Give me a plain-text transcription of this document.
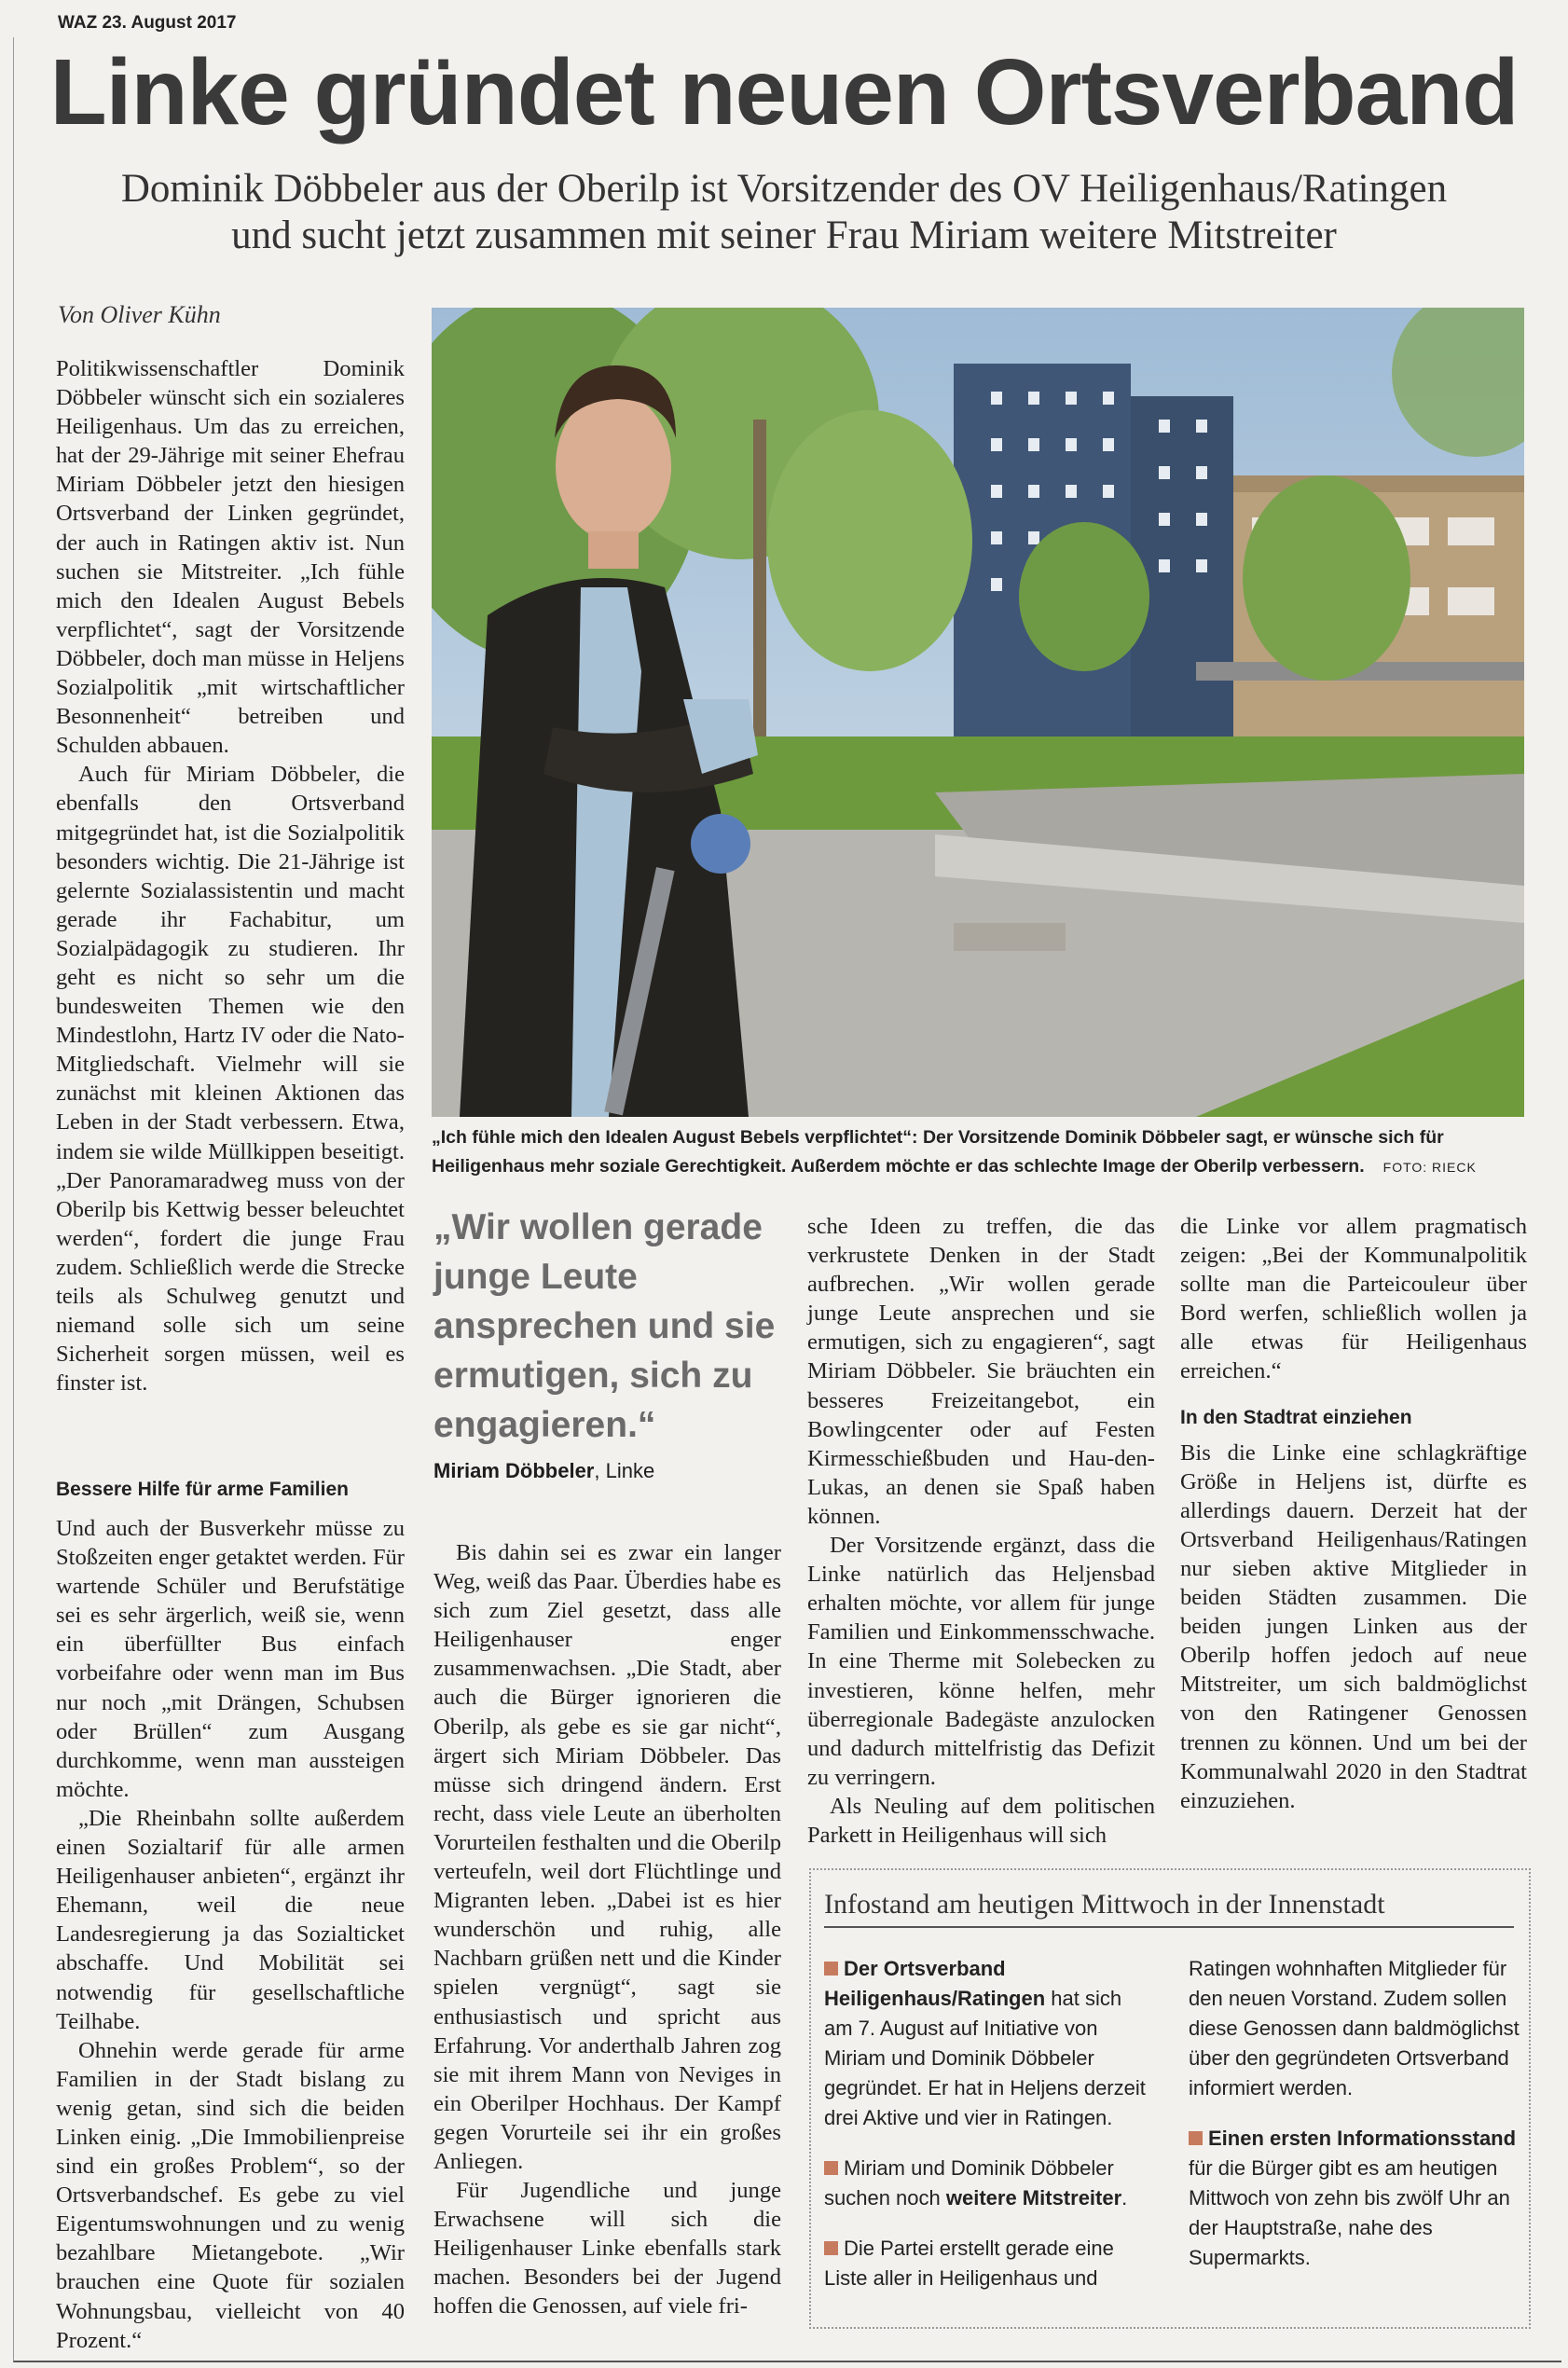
WAZ 23. August 2017
Linke gründet neuen Ortsverband
Dominik Döbbeler aus der Oberilp ist Vorsitzender des OV Heiligenhaus/Ratingen
und sucht jetzt zusammen mit seiner Frau Miriam weitere Mitstreiter
Von Oliver Kühn

Politikwissenschaftler Dominik Döbbeler wünscht sich ein sozialeres Heiligenhaus. Um das zu erreichen, hat der 29-Jährige mit seiner Ehefrau Miriam Döbbeler jetzt den hiesigen Ortsverband der Linken gegründet, der auch in Ratingen aktiv ist. Nun suchen sie Mitstreiter. „Ich fühle mich den Idealen August Bebels verpflichtet“, sagt der Vorsitzende Döbbeler, doch man müsse in Heljens Sozialpolitik „mit wirtschaftlicher Besonnenheit“ betreiben und Schulden abbauen.

Auch für Miriam Döbbeler, die ebenfalls den Ortsverband mitgegründet hat, ist die Sozialpolitik besonders wichtig. Die 21-Jährige ist gelernte Sozialassistentin und macht gerade ihr Fachabitur, um Sozialpädagogik zu studieren. Ihr geht es nicht so sehr um die bundesweiten Themen wie den Mindestlohn, Hartz IV oder die Nato-Mitgliedschaft. Vielmehr will sie zunächst mit kleinen Aktionen das Leben in der Stadt verbessern. Etwa, indem sie wilde Müllkippen beseitigt. „Der Panoramaradweg muss von der Oberilp bis Kettwig besser beleuchtet werden“, fordert die junge Frau zudem. Schließlich werde die Strecke teils als Schulweg genutzt und niemand solle sich um seine Sicherheit sorgen müssen, weil es finster ist.

Bessere Hilfe für arme Familien

Und auch der Busverkehr müsse zu Stoßzeiten enger getaktet werden. Für wartende Schüler und Berufstätige sei es sehr ärgerlich, weiß sie, wenn ein überfüllter Bus einfach vorbeifahre oder wenn man im Bus nur noch „mit Drängen, Schubsen oder Brüllen“ zum Ausgang durchkomme, wenn man aussteigen möchte.

„Die Rheinbahn sollte außerdem einen Sozialtarif für alle armen Heiligenhauser anbieten“, ergänzt ihr Ehemann, weil die neue Landesregierung ja das Sozialticket abschaffe. Und Mobilität sei notwendig für gesellschaftliche Teilhabe.

Ohnehin werde gerade für arme Familien in der Stadt bislang zu wenig getan, sind sich die beiden Linken einig. „Die Immobilienpreise sind ein großes Problem“, so der Ortsverbandschef. Es gebe zu viel Eigentumswohnungen und zu wenig bezahlbare Mietangebote. „Wir brauchen eine Quote für sozialen Wohnungsbau, vielleicht von 40 Prozent.“

„Ich fühle mich den Idealen August Bebels verpflichtet“: Der Vorsitzende Dominik Döbbeler sagt, er wünsche sich für Heiligenhaus mehr soziale Gerechtigkeit. Außerdem möchte er das schlechte Image der Oberilp verbessern. FOTO: RIECK
„Wir wollen gerade junge Leute ansprechen und sie ermutigen, sich zu engagieren.“
Miriam Döbbeler, Linke

Bis dahin sei es zwar ein langer Weg, weiß das Paar. Überdies habe es sich zum Ziel gesetzt, dass alle Heiligenhauser enger zusammenwachsen. „Die Stadt, aber auch die Bürger ignorieren die Oberilp, als gebe es sie gar nicht“, ärgert sich Miriam Döbbeler. Das müsse sich dringend ändern. Erst recht, dass viele Leute an überholten Vorurteilen festhalten und die Oberilp verteufeln, weil dort Flüchtlinge und Migranten leben. „Dabei ist es hier wunderschön und ruhig, alle Nachbarn grüßen nett und die Kinder spielen vergnügt“, sagt sie enthusiastisch und spricht aus Erfahrung. Vor anderthalb Jahren zog sie mit ihrem Mann von Neviges in ein Oberilper Hochhaus. Der Kampf gegen Vorurteile sei ihr ein großes Anliegen.

Für Jugendliche und junge Erwachsene will sich die Heiligenhauser Linke ebenfalls stark machen. Besonders bei der Jugend hoffen die Genossen, auf viele fri-

sche Ideen zu treffen, die das verkrustete Denken in der Stadt aufbrechen. „Wir wollen gerade junge Leute ansprechen und sie ermutigen, sich zu engagieren“, sagt Miriam Döbbeler. Sie bräuchten ein besseres Freizeitangebot, ein Bowlingcenter oder auf Festen Kirmesschießbuden und Hau-den-Lukas, an denen sie Spaß haben können.

Der Vorsitzende ergänzt, dass die Linke natürlich das Heljensbad erhalten möchte, vor allem für junge Familien und Einkommensschwache. In eine Therme mit Solebecken zu investieren, könne helfen, mehr überregionale Badegäste anzulocken und dadurch mittelfristig das Defizit zu verringern.

Als Neuling auf dem politischen Parkett in Heiligenhaus will sich

die Linke vor allem pragmatisch zeigen: „Bei der Kommunalpolitik sollte man die Parteicouleur über Bord werfen, schließlich wollen ja alle etwas für Heiligenhaus erreichen.“

In den Stadtrat einziehen

Bis die Linke eine schlagkräftige Größe in Heljens ist, dürfte es allerdings dauern. Derzeit hat der Ortsverband Heiligenhaus/Ratingen nur sieben aktive Mitglieder in beiden Städten zusammen. Die beiden jungen Linken aus der Oberilp hoffen jedoch auf neue Mitstreiter, um sich baldmöglichst von den Ratingener Genossen trennen zu können. Und um bei der Kommunalwahl 2020 in den Stadtrat einzuziehen.

Infostand am heutigen Mittwoch in der Innenstadt

Der Ortsverband Heiligenhaus/Ratingen hat sich am 7. August auf Initiative von Miriam und Dominik Döbbeler gegründet. Er hat in Heljens derzeit drei Aktive und vier in Ratingen.

Miriam und Dominik Döbbeler suchen noch weitere Mitstreiter.

Die Partei erstellt gerade eine Liste aller in Heiligenhaus und

Ratingen wohnhaften Mitglieder für den neuen Vorstand. Zudem sollen diese Genossen dann baldmöglichst über den gegründeten Ortsverband informiert werden.

Einen ersten Informationsstand für die Bürger gibt es am heutigen Mittwoch von zehn bis zwölf Uhr an der Hauptstraße, nahe des Supermarkts.
